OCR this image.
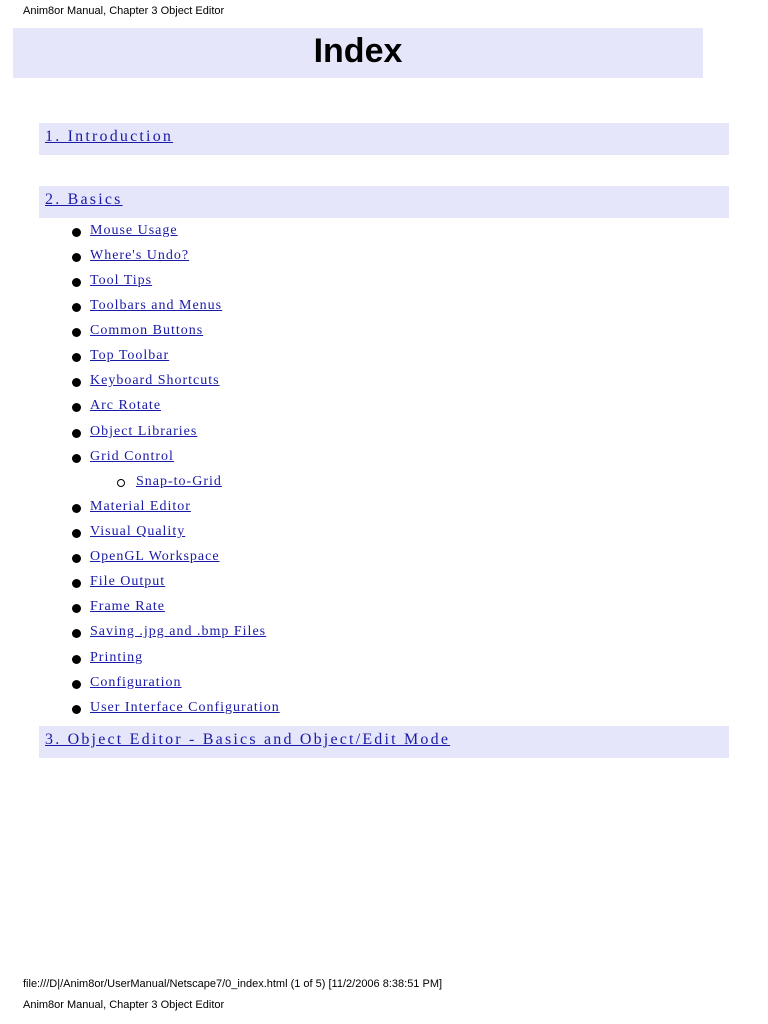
Anim8or Manual, Chapter 3 Object Editor
Index
1. Introduction
2. Basics
Mouse Usage
Where's Undo?
Tool Tips
Toolbars and Menus
Common Buttons
Top Toolbar
Keyboard Shortcuts
Arc Rotate
Object Libraries
Grid Control
Snap-to-Grid
Material Editor
Visual Quality
OpenGL Workspace
File Output
Frame Rate
Saving .jpg and .bmp Files
Printing
Configuration
User Interface Configuration
3. Object Editor - Basics and Object/Edit Mode
file:///D|/Anim8or/UserManual/Netscape7/0_index.html (1 of 5) [11/2/2006 8:38:51 PM]
Anim8or Manual, Chapter 3 Object Editor
